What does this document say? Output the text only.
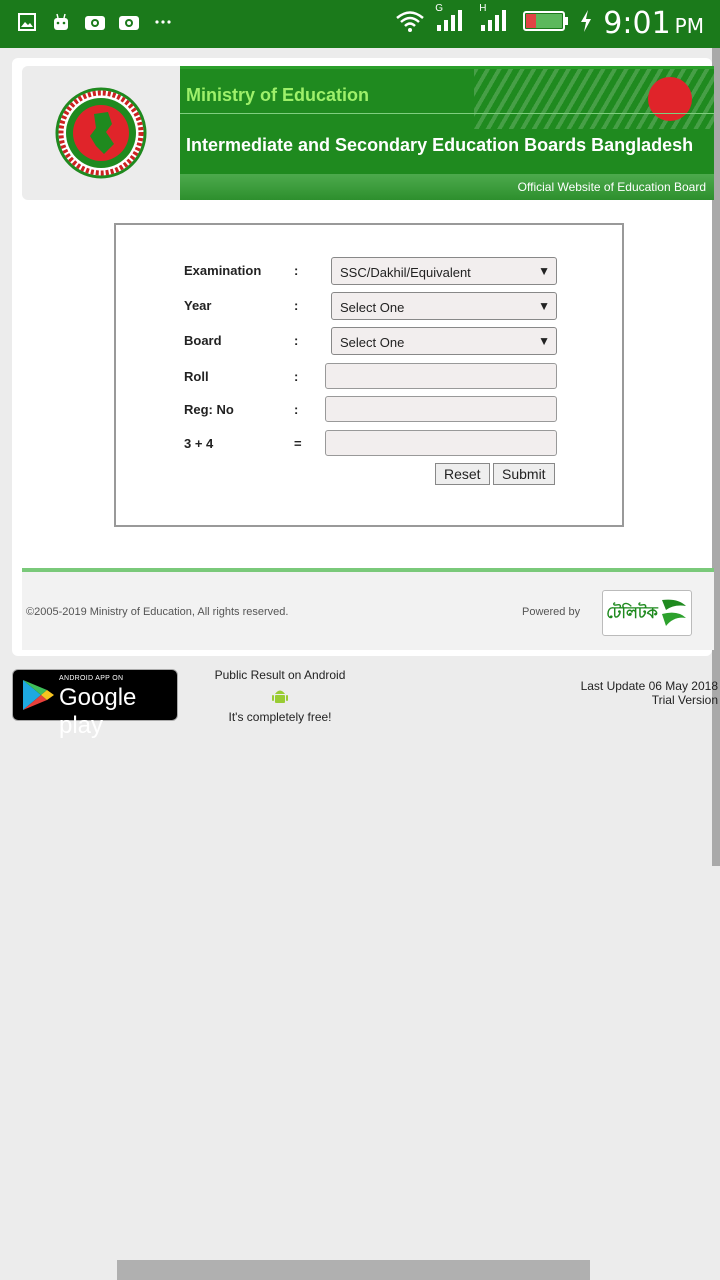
G	H	9:01 PM
Ministry of Education
Intermediate and Secondary Education Boards Bangladesh
Official Website of Education Board
Examination	:	SSC/Dakhil/Equivalent	▼
Year	:	Select One	▼
Board	:	Select One	▼
Roll	:
Reg: No	:
3 + 4	=
Reset	Submit
©2005-2019 Ministry of Education, All rights reserved.	Powered by টেলিটক
ANDROID APP ON
Google play
Public Result on Android
It's completely free!
Last Update 06 May 2018
Trial Version
